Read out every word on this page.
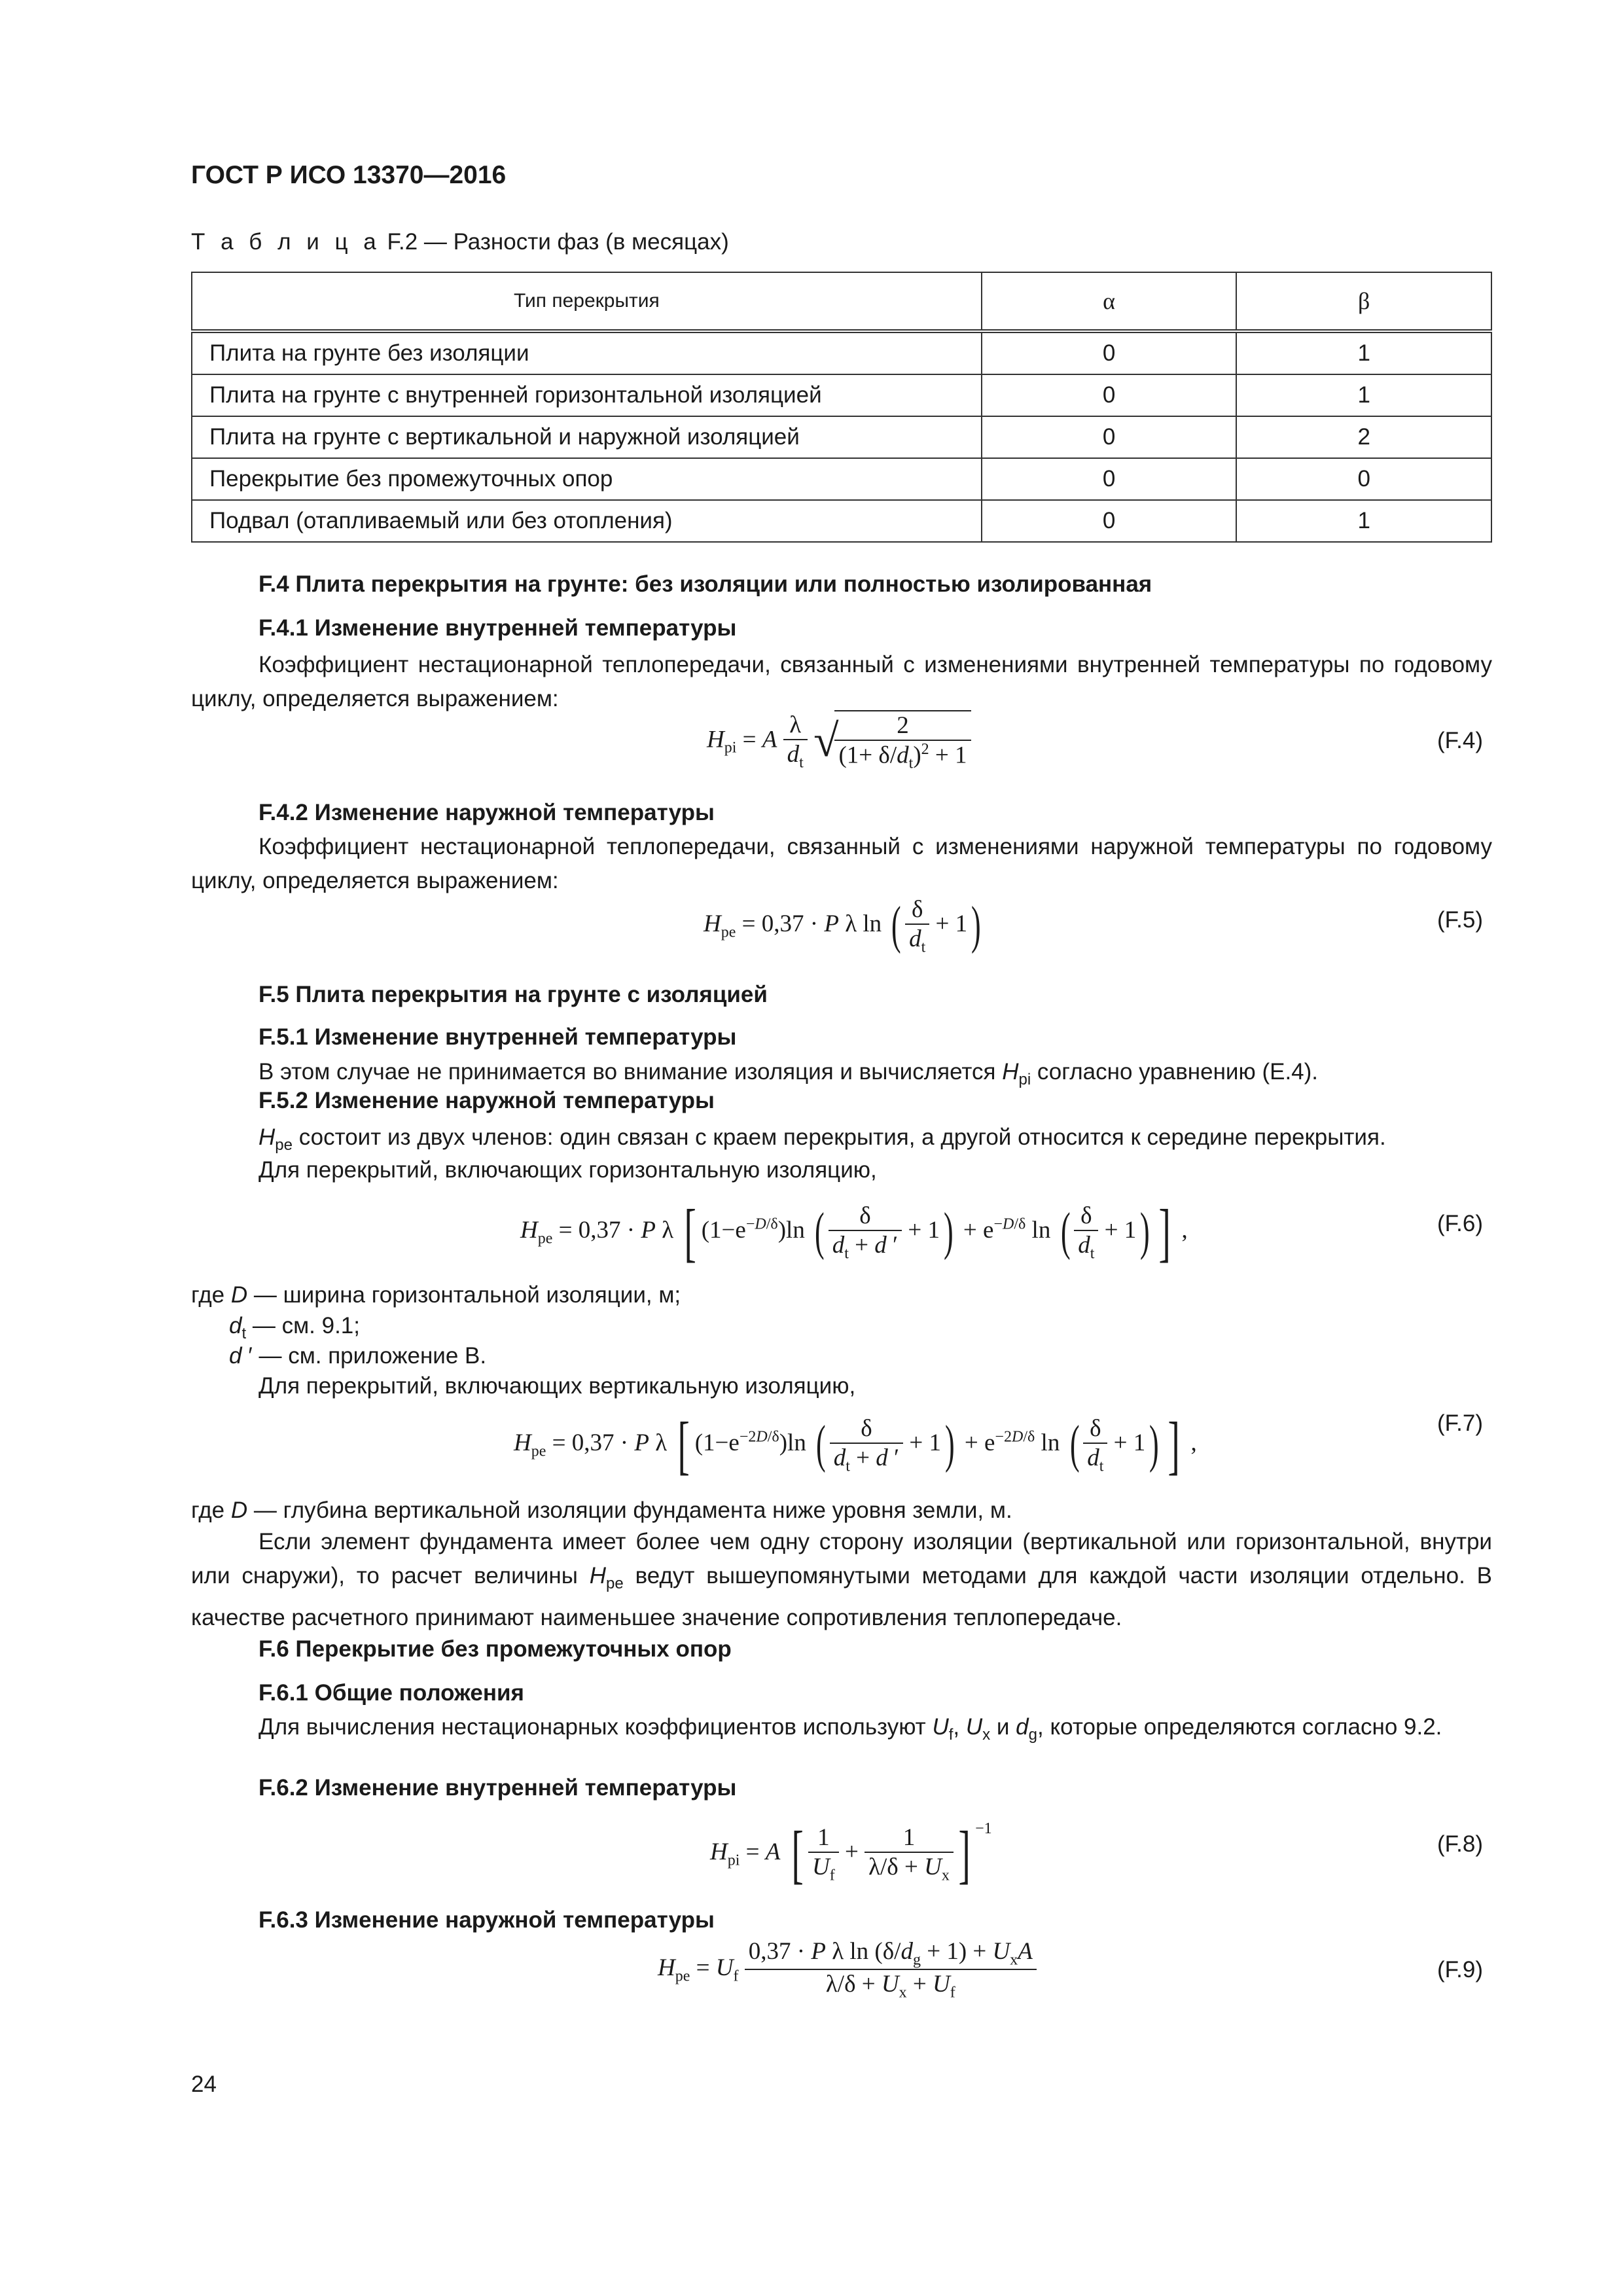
ГОСТ Р ИСО 13370—2016
Т а б л и ц а F.2 — Разности фаз (в месяцах)
Тип перекрытия	α	β
Плита на грунте без изоляции	0	1
Плита на грунте с внутренней горизонтальной изоляцией	0	1
Плита на грунте с вертикальной и наружной изоляцией	0	2
Перекрытие без промежуточных опор	0	0
Подвал (отапливаемый или без отопления)	0	1
F.4 Плита перекрытия на грунте: без изоляции или полностью изолированная
F.4.1 Изменение внутренней температуры
Коэффициент нестационарной теплопередачи, связанный с изменениями внутренней температуры по годовому циклу, определяется выражением:
$H_{pi} = A \frac{\lambda}{d_t}$ √
$\frac{2}{(1+ \delta/d_t)^2 + 1}$	(F.4)
F.4.2 Изменение наружной температуры
Коэффициент нестационарной теплопередачи, связанный с изменениями наружной температуры по годовому циклу, определяется выражением:
$H_{pe} = 0,37 \cdot P$ λ ln ( $\frac{\delta}{d_t} + 1$)	(F.5)
F.5 Плита перекрытия на грунте с изоляцией
F.5.1 Изменение внутренней температуры
В этом случае не принимается во внимание изоляция и вычисляется $H_{pi}$ согласно уравнению (E.4).
F.5.2 Изменение наружной температуры
$H_{pe}$ состоит из двух членов: один связан с краем перекрытия, а другой относится к середине перекрытия.
Для перекрытий, включающих горизонтальную изоляцию,
$H_{pe} = 0,37 \cdot P$ λ [ $(1-e^{-D/\delta})\ln$ ( $\frac{\delta}{d_t + d '} + 1) + e^{-D/\delta}$ ln ( $\frac{\delta}{d_t} + 1$) ] ,	(F.6)
где D — ширина горизонтальной изоляции, м;
$d_t$ — см. 9.1;
d ′ — см. приложение В.
Для перекрытий, включающих вертикальную изоляцию,
$H_{pe} = 0,37 \cdot P$ λ [ $(1-e^{-2D/\delta})\ln$ ( $\frac{\delta}{d_t + d '} + 1) + e^{-2D/\delta}$ ln ( $\frac{\delta}{d_t} + 1$) ] ,
(F.7)
где D — глубина вертикальной изоляции фундамента ниже уровня земли, м.
Если элемент фундамента имеет более чем одну сторону изоляции (вертикальной или горизонтальной, внутри или снаружи), то расчет величины $H_{pe}$ ведут вышеупомянутыми методами для каждой части изоляции отдельно. В качестве расчетного принимают наименьшее значение сопротивления теплопередаче.
F.6 Перекрытие без промежуточных опор
F.6.1 Общие положения
Для вычисления нестационарных коэффициентов используют $U_f$, $U_x$ и $d_g$, которые определяются согласно 9.2.
F.6.2 Изменение внутренней температуры
$H_{pi} = A$ [ $\frac{1}{U_f} + \frac{1}{\lambda/\delta + U_x}$ ] $^{-1}$
(F.8)
F.6.3 Изменение наружной температуры
$H_{pe} = U_f \frac{0,37 \cdot P \lambda \ln (\delta/d_g + 1) + U_xA}{\lambda/\delta + U_x + U_f}$	(F.9)
24
